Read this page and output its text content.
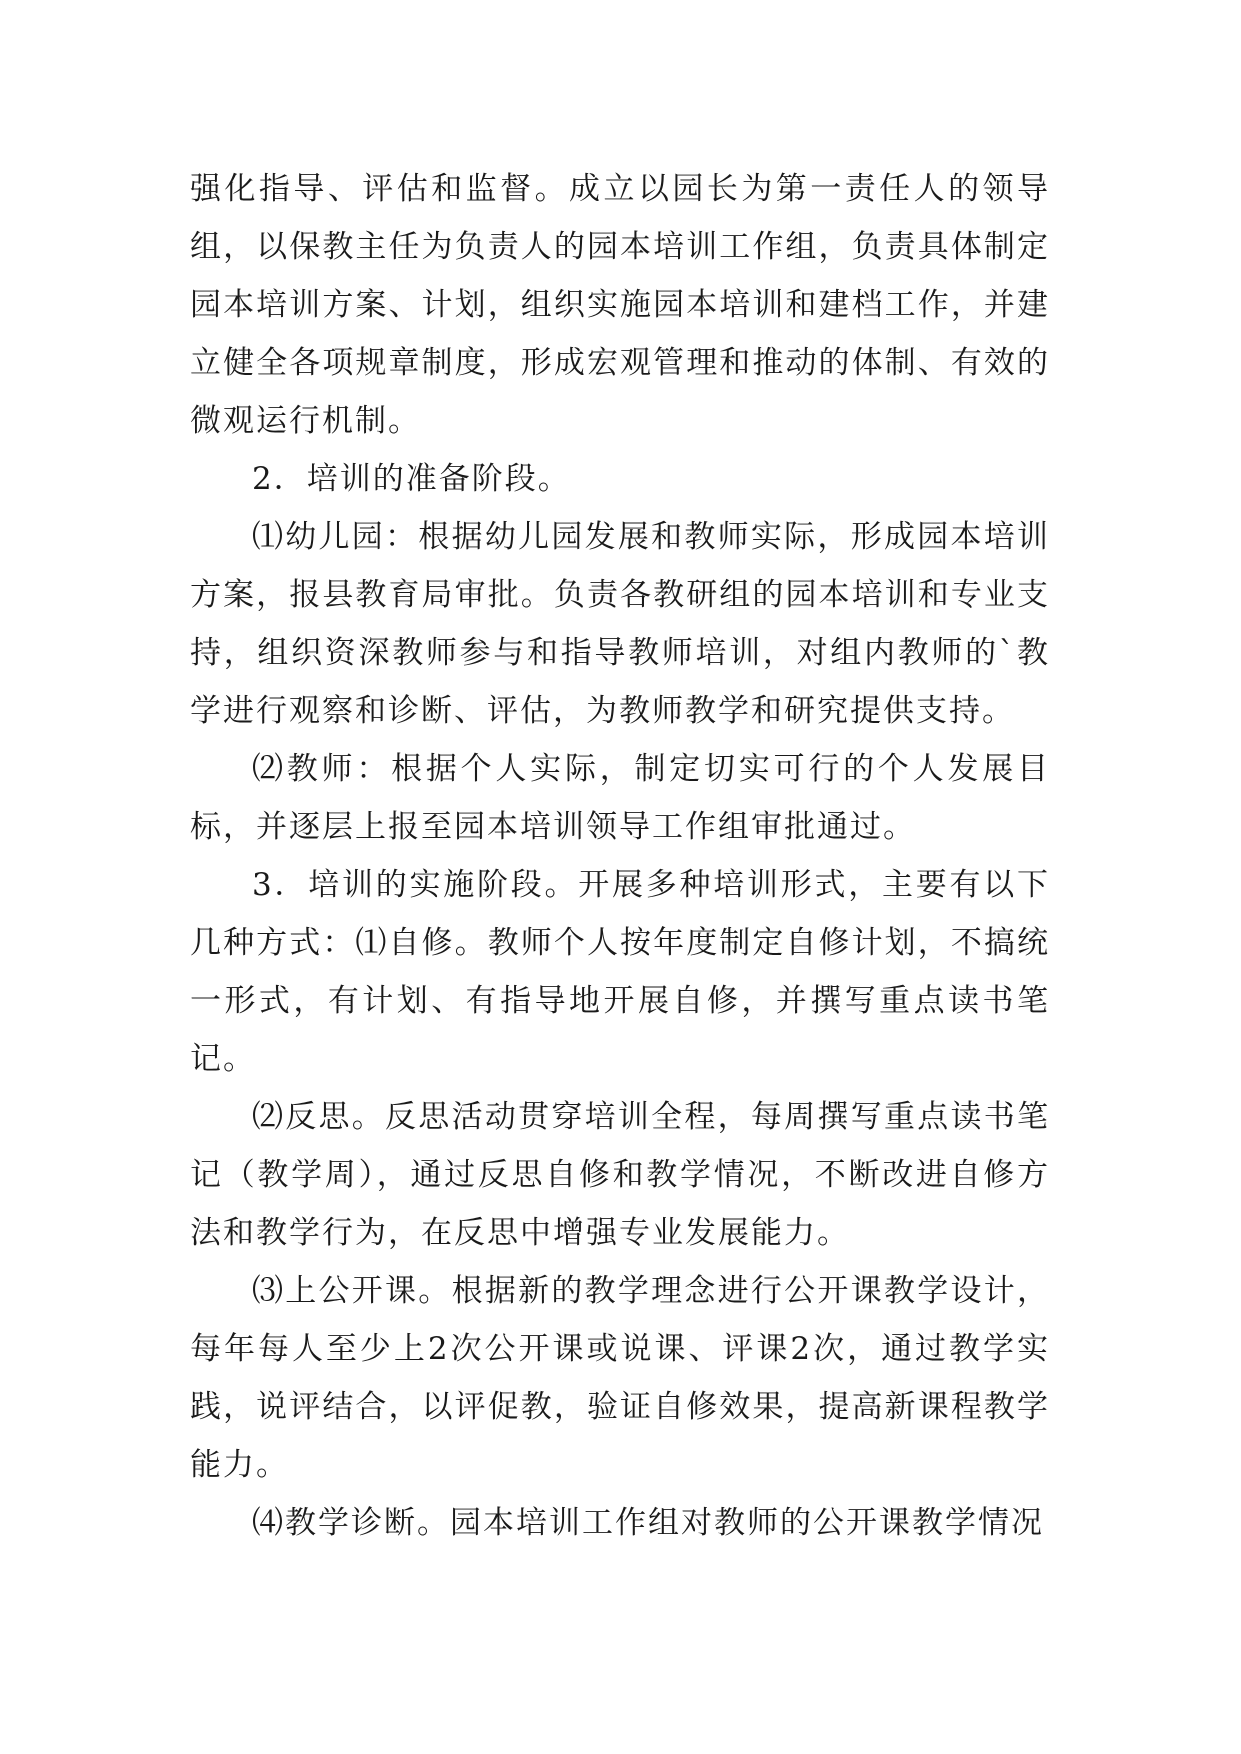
强化指导、评估和监督。成立以园长为第一责任人的领导组，以保教主任为负责人的园本培训工作组，负责具体制定园本培训方案、计划，组织实施园本培训和建档工作，并建立健全各项规章制度，形成宏观管理和推动的体制、有效的微观运行机制。

2．培训的准备阶段。

⑴幼儿园：根据幼儿园发展和教师实际，形成园本培训方案，报县教育局审批。负责各教研组的园本培训和专业支持，组织资深教师参与和指导教师培训，对组内教师的`教学进行观察和诊断、评估，为教师教学和研究提供支持。

⑵教师：根据个人实际，制定切实可行的个人发展目标，并逐层上报至园本培训领导工作组审批通过。

3．培训的实施阶段。开展多种培训形式，主要有以下几种方式：⑴自修。教师个人按年度制定自修计划，不搞统一形式，有计划、有指导地开展自修，并撰写重点读书笔记。

⑵反思。反思活动贯穿培训全程，每周撰写重点读书笔记（教学周），通过反思自修和教学情况，不断改进自修方法和教学行为，在反思中增强专业发展能力。

⑶上公开课。根据新的教学理念进行公开课教学设计，每年每人至少上2次公开课或说课、评课2次，通过教学实践，说评结合，以评促教，验证自修效果，提高新课程教学能力。

⑷教学诊断。园本培训工作组对教师的公开课教学情况
